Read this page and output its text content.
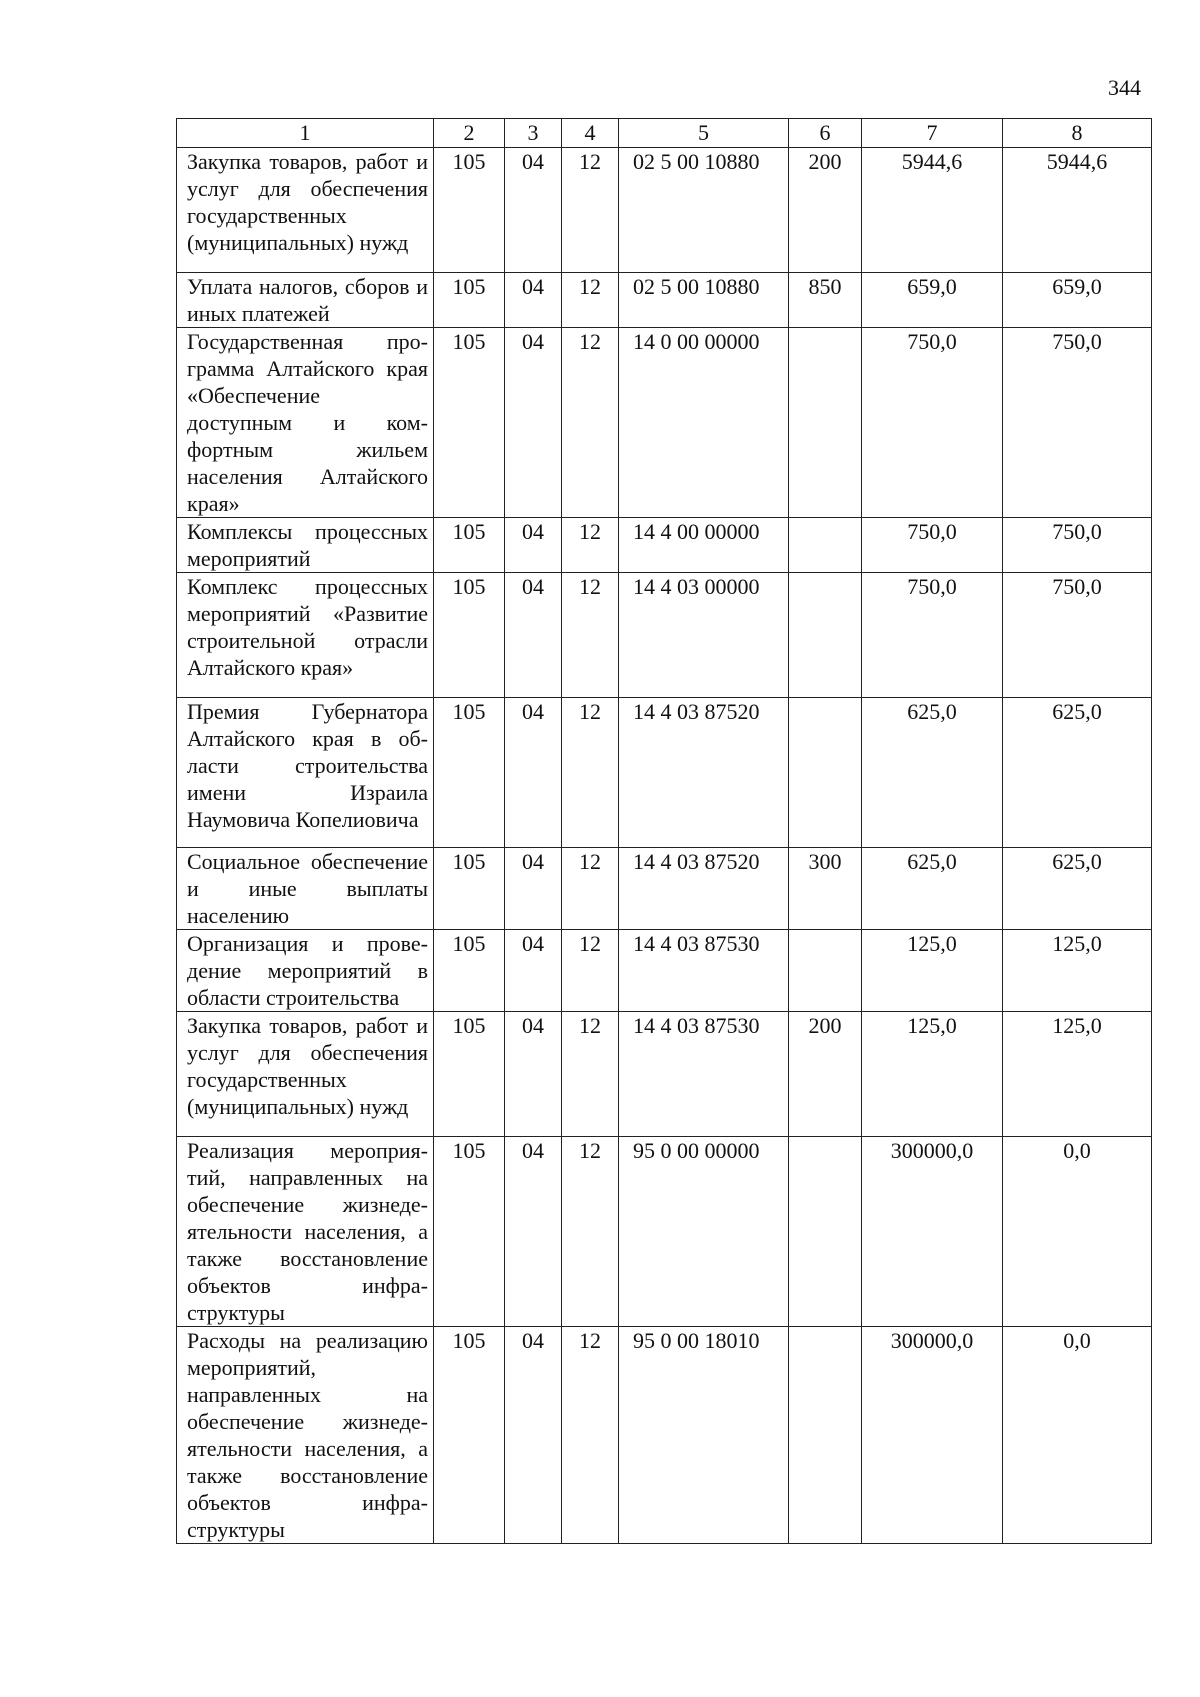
344
1	2	3	4	5	6	7	8

Закупка товаров, работ и услуг для обеспечения государственных (муниципальных) нужд	105	04	12	02 5 00 10880	200	5944,6	5944,6

Уплата налогов, сборов и иных платежей	105	04	12	02 5 00 10880	850	659,0	659,0

Государственная программа Алтайского края «Обеспечение доступным и комфортным жильем населения Алтайского края»	105	04	12	14 0 00 00000		750,0	750,0

Комплексы процессных мероприятий	105	04	12	14 4 00 00000		750,0	750,0

Комплекс процессных мероприятий «Развитие строительной отрасли Алтайского края»	105	04	12	14 4 03 00000		750,0	750,0

Премия Губернатора Алтайского края в области строительства имени Израила Наумовича Копелиовича	105	04	12	14 4 03 87520		625,0	625,0

Социальное обеспечение и иные выплаты населению	105	04	12	14 4 03 87520	300	625,0	625,0

Организация и проведение мероприятий в области строительства	105	04	12	14 4 03 87530		125,0	125,0

Закупка товаров, работ и услуг для обеспечения государственных (муниципальных) нужд	105	04	12	14 4 03 87530	200	125,0	125,0

Реализация мероприятий, направленных на обеспечение жизнедеятельности населения, а также восстановление объектов инфраструктуры	105	04	12	95 0 00 00000		300000,0	0,0

Расходы на реализацию мероприятий, направленных на обеспечение жизнедеятельности населения, а также восстановление объектов инфраструктуры	105	04	12	95 0 00 18010		300000,0	0,0
